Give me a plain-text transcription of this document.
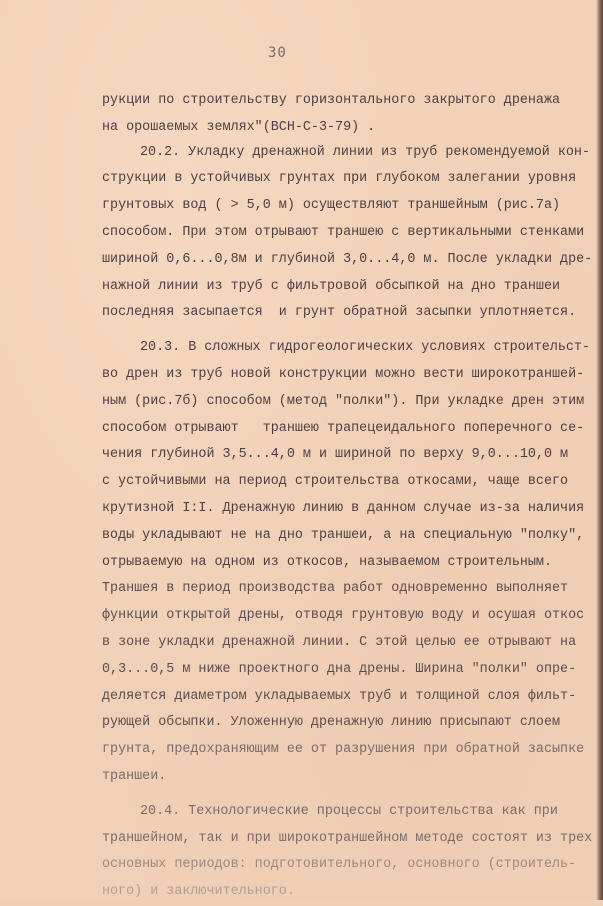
30
рукции по строительству горизонтального закрытого дренажа
на орошаемых землях"(ВСН-С-3-79) .
20.2. Укладку дренажной линии из труб рекомендуемой кон-
струкции в устойчивых грунтах при глубоком залегании уровня
грунтовых вод ( > 5,0 м) осуществляют траншейным (рис.7а)
способом. При этом отрывают траншею с вертикальными стенками
шириной 0,6...0,8м и глубиной 3,0...4,0 м. После укладки дре-
нажной линии из труб с фильтровой обсыпкой на дно траншеи
последняя засыпается  и грунт обратной засыпки уплотняется.
20.3. В сложных гидрогеологических условиях строительст-
во дрен из труб новой конструкции можно вести широкотраншей-
ным (рис.7б) способом (метод "полки"). При укладке дрен этим
способом отрывают   траншею трапецеидального поперечного се-
чения глубиной 3,5...4,0 м и шириной по верху 9,0...10,0 м
с устойчивыми на период строительства откосами, чаще всего
крутизной I:I. Дренажную линию в данном случае из-за наличия
воды укладывают не на дно траншеи, а на специальную "полку",
отрываемую на одном из откосов, называемом строительным.
Траншея в период производства работ одновременно выполняет
функции открытой дрены, отводя грунтовую воду и осушая откос
в зоне укладки дренажной линии. С этой целью ее отрывают на
0,3...0,5 м ниже проектного дна дрены. Ширина "полки" опре-
деляется диаметром укладываемых труб и толщиной слоя фильт-
рующей обсыпки. Уложенную дренажную линию присыпают слоем
грунта, предохраняющим ее от разрушения при обратной засыпке
траншеи.
20.4. Технологические процессы строительства как при
траншейном, так и при широкотраншейном методе состоят из трех
основных периодов: подготовительного, основного (строитель-
ного) и заключительного.
